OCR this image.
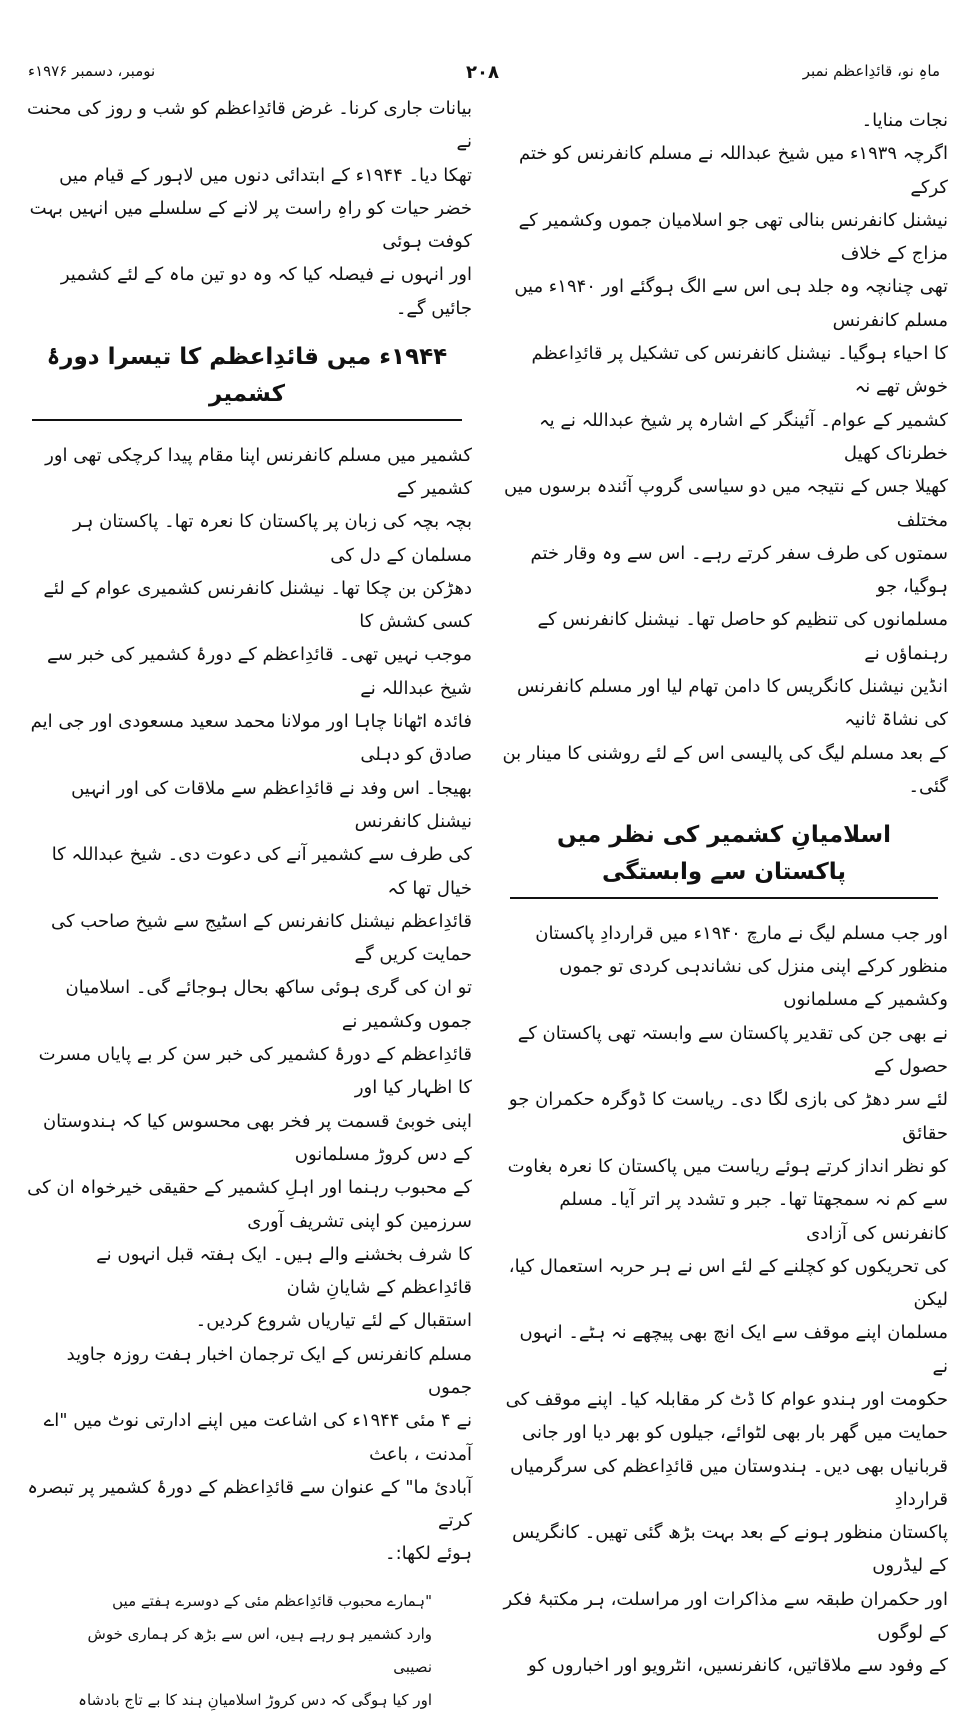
ماہِ نو، قائدِاعظم نمبر
۲۰۸
نومبر، دسمبر ۱۹۷۶ء
نجات منایا۔
اگرچہ ۱۹۳۹ء میں شیخ عبداللہ نے مسلم کانفرنس کو ختم کرکے
نیشنل کانفرنس بنالی تھی جو اسلامیان جموں وکشمیر کے مزاج کے خلاف
تھی چنانچہ وہ جلد ہی اس سے الگ ہوگئے اور ۱۹۴۰ء میں مسلم کانفرنس
کا احیاء ہوگیا۔ نیشنل کانفرنس کی تشکیل پر قائدِاعظم خوش تھے نہ
کشمیر کے عوام۔ آئینگر کے اشارہ پر شیخ عبداللہ نے یہ خطرناک کھیل
کھیلا جس کے نتیجہ میں دو سیاسی گروپ آئندہ برسوں میں مختلف
سمتوں کی طرف سفر کرتے رہے۔ اس سے وہ وقار ختم ہوگیا، جو
مسلمانوں کی تنظیم کو حاصل تھا۔ نیشنل کانفرنس کے رہنماؤں نے
انڈین نیشنل کانگریس کا دامن تھام لیا اور مسلم کانفرنس کی نشاۃ ثانیہ
کے بعد مسلم لیگ کی پالیسی اس کے لئے روشنی کا مینار بن گئی۔
اسلامیانِ کشمیر کی نظر میں پاکستان سے وابستگی
اور جب مسلم لیگ نے مارچ ۱۹۴۰ء میں قراردادِ پاکستان
منظور کرکے اپنی منزل کی نشاندہی کردی تو جموں وکشمیر کے مسلمانوں
نے بھی جن کی تقدیر پاکستان سے وابستہ تھی پاکستان کے حصول کے
لئے سر دھڑ کی بازی لگا دی۔ ریاست کا ڈوگرہ حکمران جو حقائق
کو نظر انداز کرتے ہوئے ریاست میں پاکستان کا نعرہ بغاوت
سے کم نہ سمجھتا تھا۔ جبر و تشدد پر اتر آیا۔ مسلم کانفرنس کی آزادی
کی تحریکوں کو کچلنے کے لئے اس نے ہر حربہ استعمال کیا، لیکن
مسلمان اپنے موقف سے ایک انچ بھی پیچھے نہ ہٹے۔ انہوں نے
حکومت اور ہندو عوام کا ڈٹ کر مقابلہ کیا۔ اپنے موقف کی
حمایت میں گھر بار بھی لٹوائے، جیلوں کو بھر دیا اور جانی
قربانیاں بھی دیں۔ ہندوستان میں قائدِاعظم کی سرگرمیاں قراردادِ
پاکستان منظور ہونے کے بعد بہت بڑھ گئی تھیں۔ کانگریس کے لیڈروں
اور حکمران طبقہ سے مذاکرات اور مراسلت، ہر مکتبۂ فکر کے لوگوں
کے وفود سے ملاقاتیں، کانفرنسیں، انٹرویو اور اخباروں کو
بیانات جاری کرنا۔ غرض قائدِاعظم کو شب و روز کی محنت نے
تھکا دیا۔ ۱۹۴۴ء کے ابتدائی دنوں میں لاہور کے قیام میں
خضر حیات کو راہِ راست پر لانے کے سلسلے میں انہیں بہت کوفت ہوئی
اور انہوں نے فیصلہ کیا کہ وہ دو تین ماہ کے لئے کشمیر جائیں گے۔
۱۹۴۴ء میں قائدِاعظم کا تیسرا دورۂ کشمیر
کشمیر میں مسلم کانفرنس اپنا مقام پیدا کرچکی تھی اور کشمیر کے
بچہ بچہ کی زبان پر پاکستان کا نعرہ تھا۔ پاکستان ہر مسلمان کے دل کی
دھڑکن بن چکا تھا۔ نیشنل کانفرنس کشمیری عوام کے لئے کسی کشش کا
موجب نہیں تھی۔ قائدِاعظم کے دورۂ کشمیر کی خبر سے شیخ عبداللہ نے
فائدہ اٹھانا چاہا اور مولانا محمد سعید مسعودی اور جی ایم صادق کو دہلی
بھیجا۔ اس وفد نے قائدِاعظم سے ملاقات کی اور انہیں نیشنل کانفرنس
کی طرف سے کشمیر آنے کی دعوت دی۔ شیخ عبداللہ کا خیال تھا کہ
قائدِاعظم نیشنل کانفرنس کے اسٹیج سے شیخ صاحب کی حمایت کریں گے
تو ان کی گری ہوئی ساکھ بحال ہوجائے گی۔ اسلامیان جموں وکشمیر نے
قائدِاعظم کے دورۂ کشمیر کی خبر سن کر بے پایاں مسرت کا اظہار کیا اور
اپنی خوبیٔ قسمت پر فخر بھی محسوس کیا کہ ہندوستان کے دس کروڑ مسلمانوں
کے محبوب رہنما اور اہلِ کشمیر کے حقیقی خیرخواہ ان کی سرزمین کو اپنی تشریف آوری
کا شرف بخشنے والے ہیں۔ ایک ہفتہ قبل انہوں نے قائدِاعظم کے شایانِ شان
استقبال کے لئے تیاریاں شروع کردیں۔
مسلم کانفرنس کے ایک ترجمان اخبار ہفت روزہ جاوید جموں
نے ۴ مئی ۱۹۴۴ء کی اشاعت میں اپنے ادارتی نوٹ میں "اے آمدنت ، باعث
آبادیٔ ما" کے عنوان سے قائدِاعظم کے دورۂ کشمیر پر تبصرہ کرتے
ہوئے لکھا:۔
"ہمارے محبوب قائدِاعظم مئی کے دوسرے ہفتے میں
وارد کشمیر ہو رہے ہیں، اس سے بڑھ کر ہماری خوش نصیبی
اور کیا ہوگی کہ دس کروڑ اسلامیانِ ہند کا بے تاج بادشاہ
